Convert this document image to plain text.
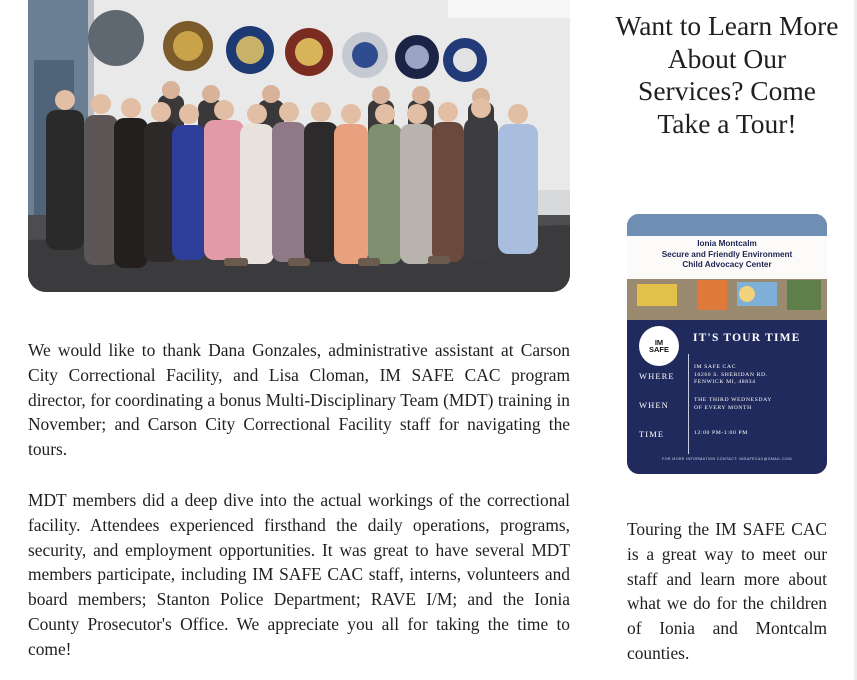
We would like to thank Dana Gonzales, administrative assistant at Carson City Correctional Facility, and Lisa Cloman, IM SAFE CAC program director, for coordinating a bonus Multi-Disciplinary Team (MDT) training in November; and Carson City Correctional Facility staff for navigating the tours.

MDT members did a deep dive into the actual workings of the correctional facility. Attendees experienced firsthand the daily operations, programs, security, and employment opportunities. It was great to have several MDT members participate, including IM SAFE CAC staff, interns, volunteers and board members; Stanton Police Department; RAVE I/M; and the Ionia County Prosecutor's Office. We appreciate you all for taking the time to come!

Want to Learn More About Our Services? Come Take a Tour!
Ionia Montcalm
Secure and Friendly Environment
Child Advocacy Center
IM
SAFE
IT'S TOUR TIME
WHERE
IM SAFE CAC
10260 S. SHERIDAN RD.
FENWICK MI, 48834
WHEN	THE THIRD WEDNESDAY
OF EVERY MONTH
TIME	12:00 PM-1:00 PM
FOR MORE INFORMATION CONTACT: IMSAFECAC@GMAIL.COM

Touring the IM SAFE CAC is a great way to meet our staff and learn more about what we do for the children of Ionia and Montcalm counties.
